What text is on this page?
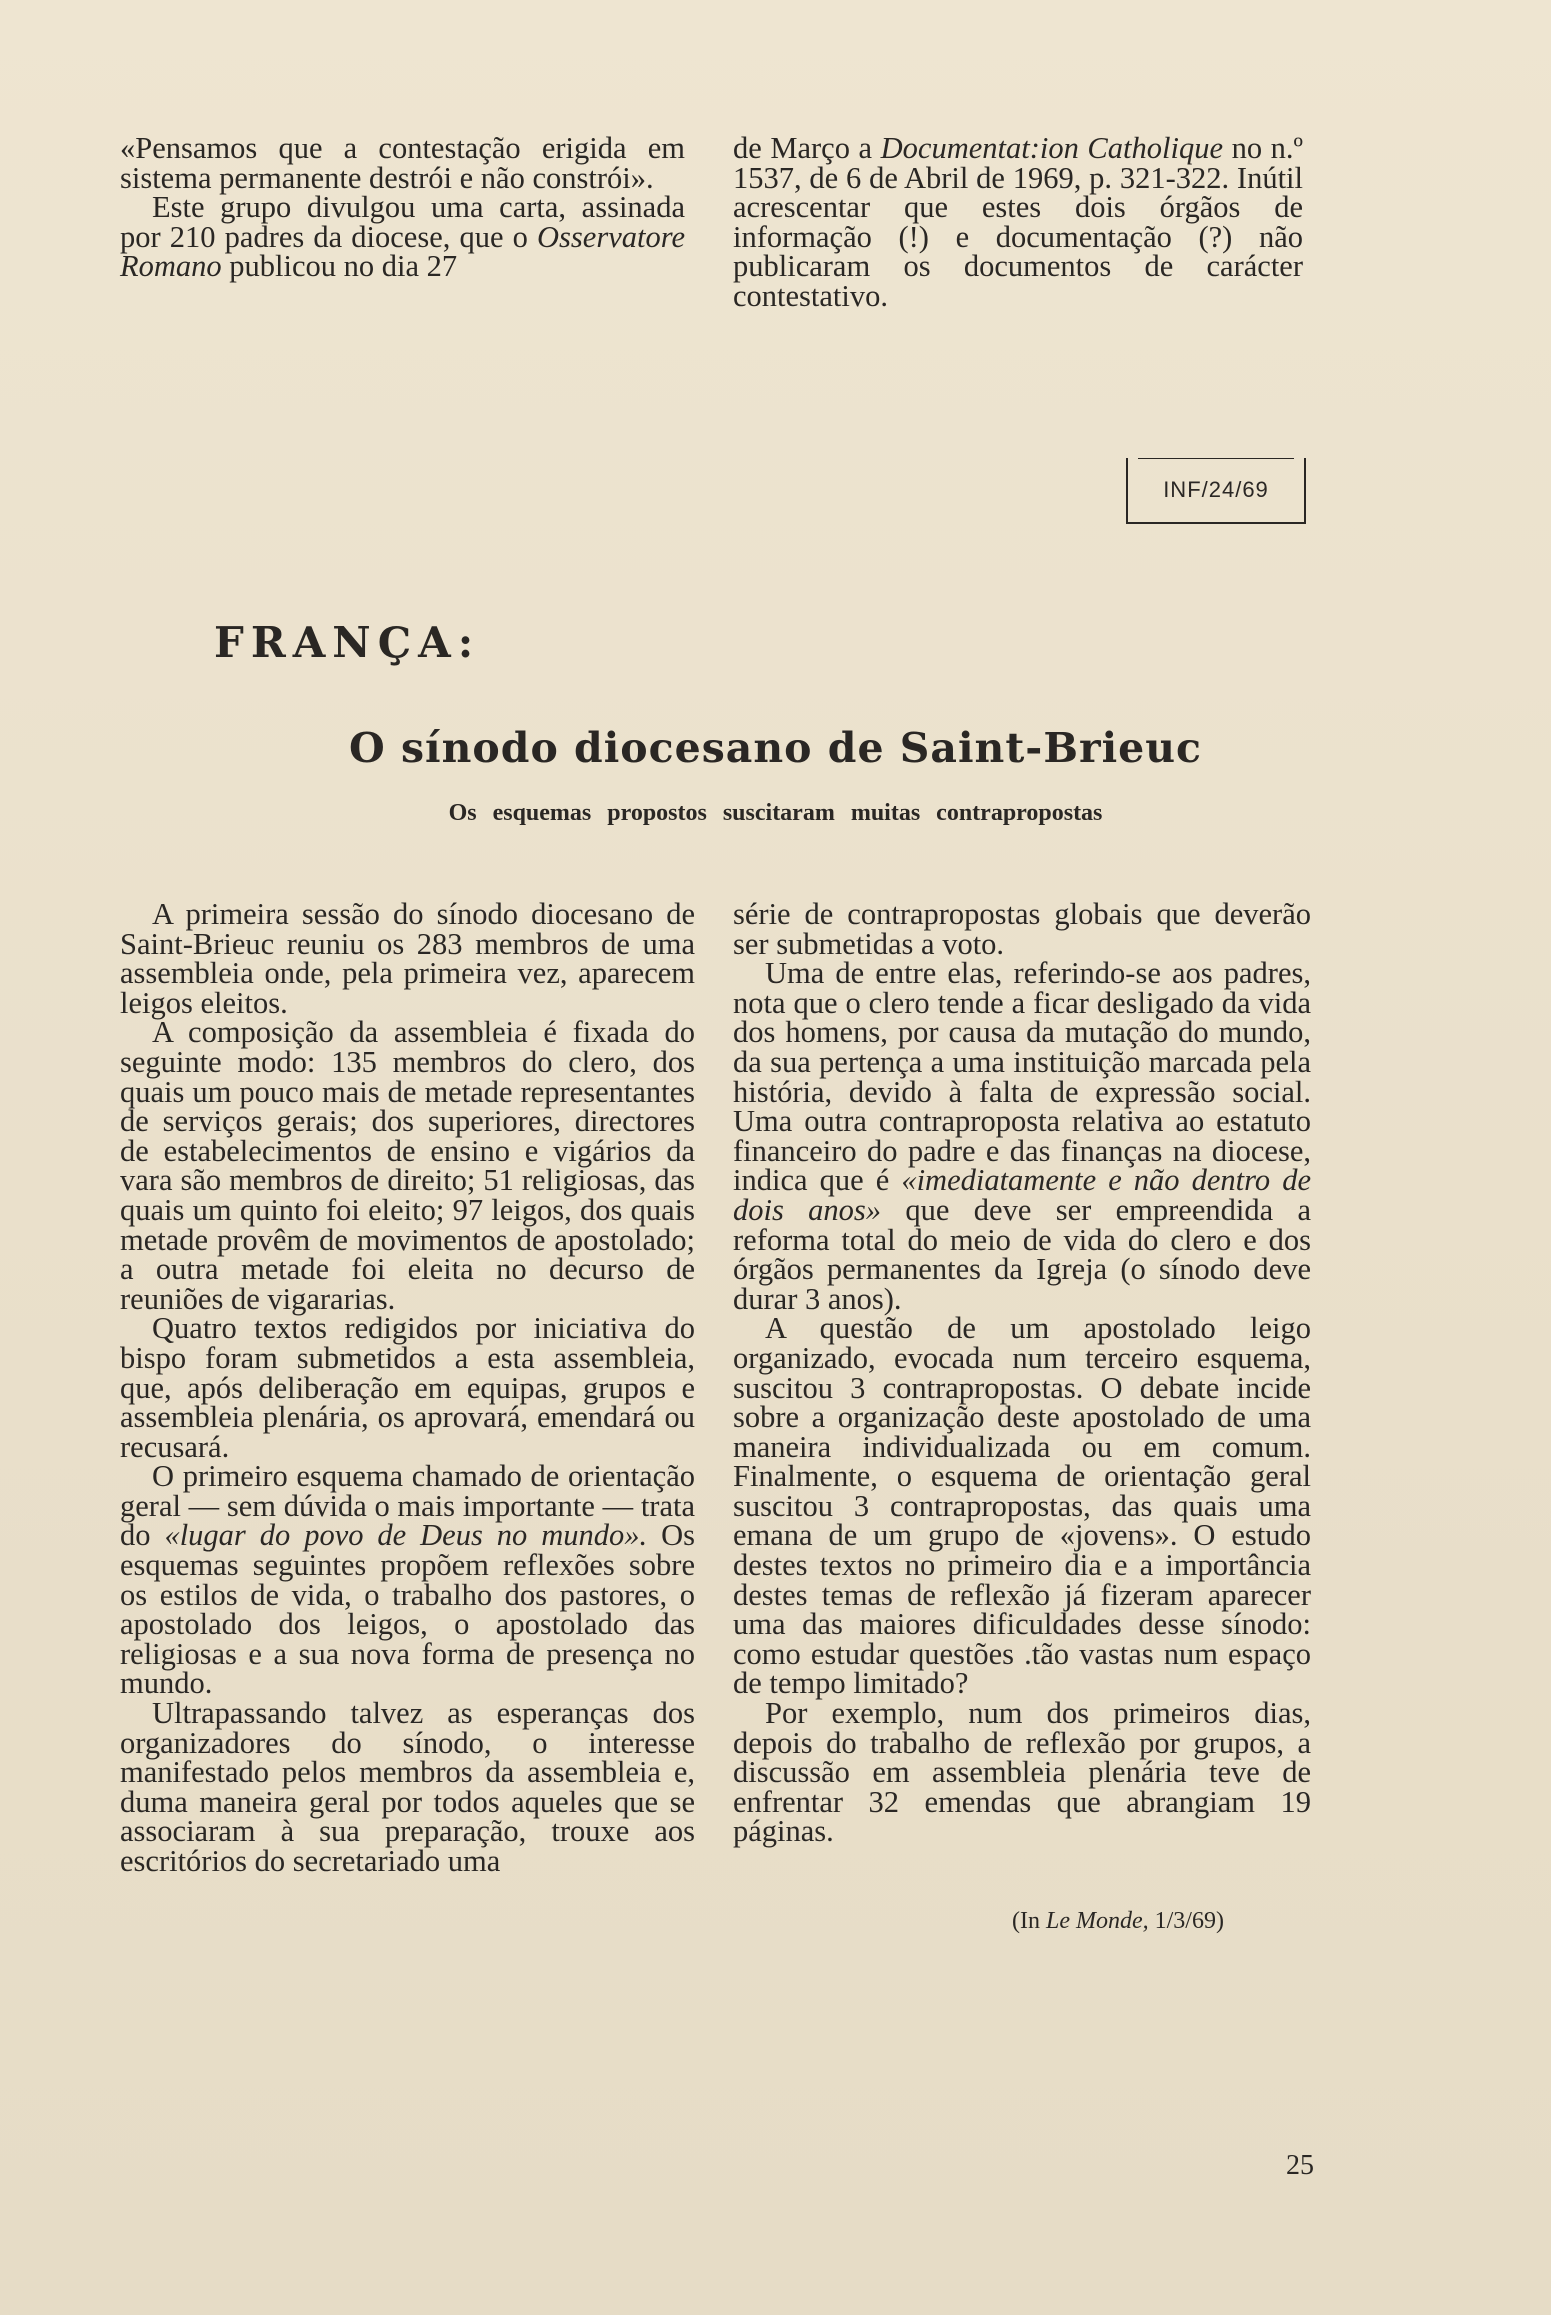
«Pensamos que a contestação erigida em sistema permanente destrói e não constrói».

Este grupo divulgou uma carta, assinada por 210 padres da diocese, que o Osservatore Romano publicou no dia 27

de Março a Documentat:ion Catholique no n.º 1537, de 6 de Abril de 1969, p. 321-322. Inútil acrescentar que estes dois órgãos de informação (!) e documentação (?) não publicaram os documentos de carácter contestativo.

INF/24/69
FRANÇA:
O sínodo diocesano de Saint-Brieuc
Os esquemas propostos suscitaram muitas contrapropostas

A primeira sessão do sínodo diocesano de Saint-Brieuc reuniu os 283 membros de uma assembleia onde, pela primeira vez, aparecem leigos eleitos.

A composição da assembleia é fixada do seguinte modo: 135 membros do clero, dos quais um pouco mais de metade representantes de serviços gerais; dos superiores, directores de estabelecimentos de ensino e vigários da vara são membros de direito; 51 religiosas, das quais um quinto foi eleito; 97 leigos, dos quais metade provêm de movimentos de apostolado; a outra metade foi eleita no decurso de reuniões de vigararias.

Quatro textos redigidos por iniciativa do bispo foram submetidos a esta assembleia, que, após deliberação em equipas, grupos e assembleia plenária, os aprovará, emendará ou recusará.

O primeiro esquema chamado de orientação geral — sem dúvida o mais importante — trata do «lugar do povo de Deus no mundo». Os esquemas seguintes propõem reflexões sobre os estilos de vida, o trabalho dos pastores, o apostolado dos leigos, o apostolado das religiosas e a sua nova forma de presença no mundo.

Ultrapassando talvez as esperanças dos organizadores do sínodo, o interesse manifestado pelos membros da assembleia e, duma maneira geral por todos aqueles que se associaram à sua preparação, trouxe aos escritórios do secretariado uma

série de contrapropostas globais que deverão ser submetidas a voto.

Uma de entre elas, referindo-se aos padres, nota que o clero tende a ficar desligado da vida dos homens, por causa da mutação do mundo, da sua pertença a uma instituição marcada pela história, devido à falta de expressão social. Uma outra contraproposta relativa ao estatuto financeiro do padre e das finanças na diocese, indica que é «imediatamente e não dentro de dois anos» que deve ser empreendida a reforma total do meio de vida do clero e dos órgãos permanentes da Igreja (o sínodo deve durar 3 anos).

A questão de um apostolado leigo organizado, evocada num terceiro esquema, suscitou 3 contrapropostas. O debate incide sobre a organização deste apostolado de uma maneira individualizada ou em comum. Finalmente, o esquema de orientação geral suscitou 3 contrapropostas, das quais uma emana de um grupo de «jovens». O estudo destes textos no primeiro dia e a importância destes temas de reflexão já fizeram aparecer uma das maiores dificuldades desse sínodo: como estudar questões .tão vastas num espaço de tempo limitado?

Por exemplo, num dos primeiros dias, depois do trabalho de reflexão por grupos, a discussão em assembleia plenária teve de enfrentar 32 emendas que abrangiam 19 páginas.

(In Le Monde, 1/3/69)
25
